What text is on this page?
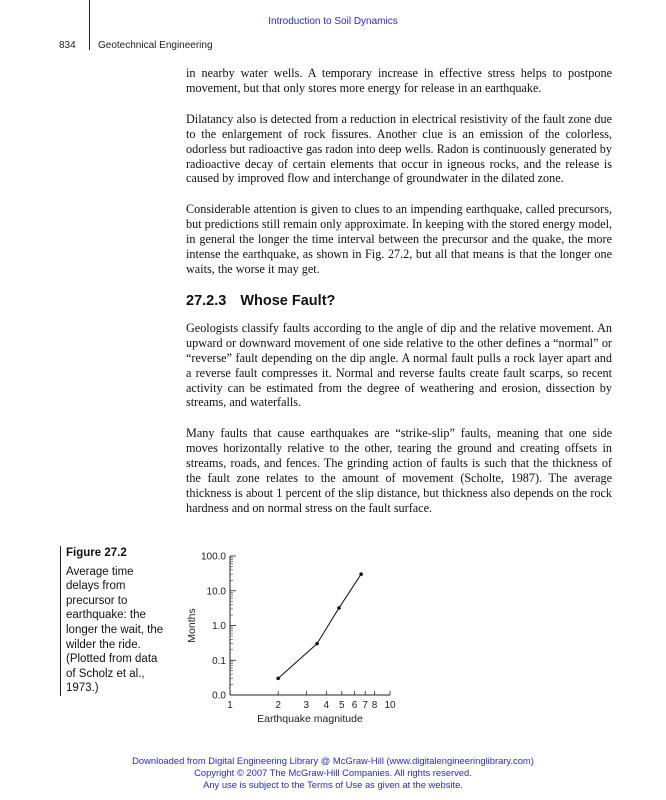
Introduction to Soil Dynamics
834 Geotechnical Engineering

in nearby water wells. A temporary increase in effective stress helps to postpone movement, but that only stores more energy for release in an earthquake.

Dilatancy also is detected from a reduction in electrical resistivity of the fault zone due to the enlargement of rock fissures. Another clue is an emission of the colorless, odorless but radioactive gas radon into deep wells. Radon is continuously generated by radioactive decay of certain elements that occur in igneous rocks, and the release is caused by improved flow and interchange of groundwater in the dilated zone.

Considerable attention is given to clues to an impending earthquake, called precursors, but predictions still remain only approximate. In keeping with the stored energy model, in general the longer the time interval between the precursor and the quake, the more intense the earthquake, as shown in Fig. 27.2, but all that means is that the longer one waits, the worse it may get.

27.2.3 Whose Fault?

Geologists classify faults according to the angle of dip and the relative movement. An upward or downward movement of one side relative to the other defines a “normal” or “reverse” fault depending on the dip angle. A normal fault pulls a rock layer apart and a reverse fault compresses it. Normal and reverse faults create fault scarps, so recent activity can be estimated from the degree of weathering and erosion, dissection by streams, and waterfalls.

Many faults that cause earthquakes are “strike-slip” faults, meaning that one side moves horizontally relative to the other, tearing the ground and creating offsets in streams, roads, and fences. The grinding action of faults is such that the thickness of the fault zone relates to the amount of movement (Scholte, 1987). The average thickness is about 1 percent of the slip distance, but thickness also depends on the rock hardness and on normal stress on the fault surface.

Figure 27.2
Average time delays from precursor to earthquake: the longer the wait, the wilder the ride. (Plotted from data of Scholz et al., 1973.)
0.0
0.1
1.0
10.0
100.0
1	2 3 4 5 6 7 8 10
Earthquake magnitude
Months
Downloaded from Digital Engineering Library @ McGraw-Hill (www.digitalengineeringlibrary.com)
Copyright © 2007 The McGraw-Hill Companies. All rights reserved.
Any use is subject to the Terms of Use as given at the website.
